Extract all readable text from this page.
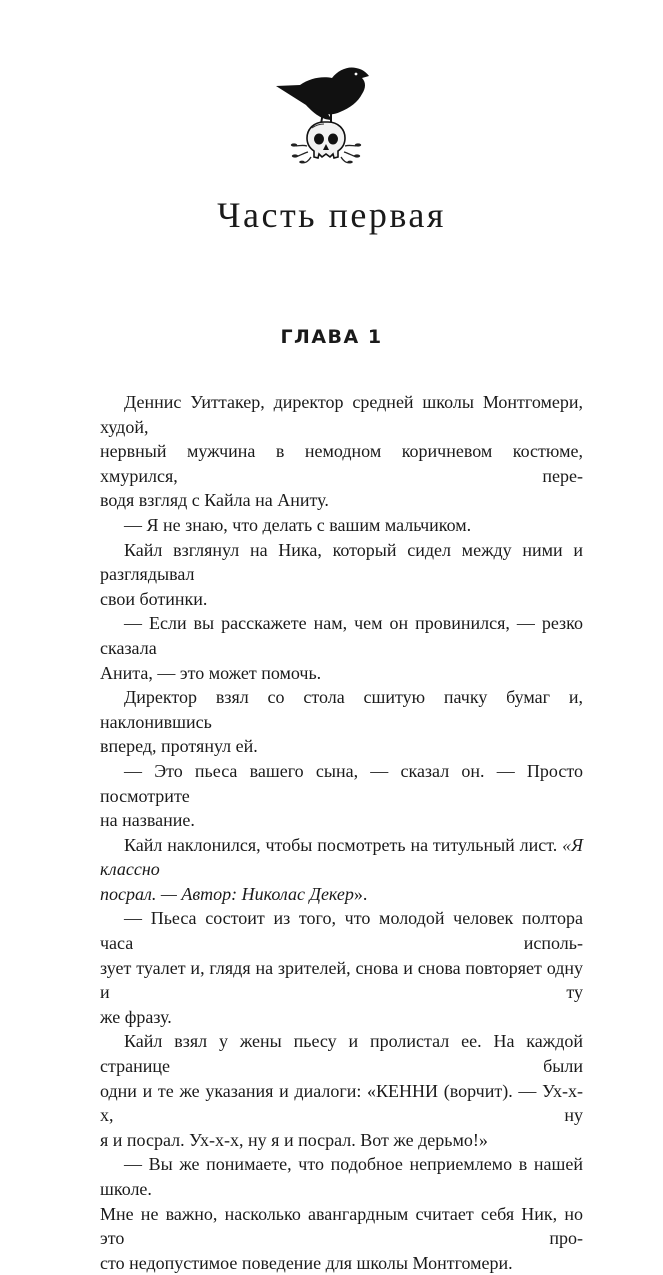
Часть первая
ГЛАВА 1
Деннис Уиттакер, директор средней школы Монтгомери, худой,
нервный мужчина в немодном коричневом костюме, хмурился, пере-
водя взгляд с Кайла на Аниту.
— Я не знаю, что делать с вашим мальчиком.
Кайл взглянул на Ника, который сидел между ними и разглядывал
свои ботинки.
— Если вы расскажете нам, чем он провинился, — резко сказала
Анита, — это может помочь.
Директор взял со стола сшитую пачку бумаг и, наклонившись
вперед, протянул ей.
— Это пьеса вашего сына, — сказал он. — Просто посмотрите
на название.
Кайл наклонился, чтобы посмотреть на титульный лист. «Я классно
посрал. — Автор: Николас Декер».
— Пьеса состоит из того, что молодой человек полтора часа исполь-
зует туалет и, глядя на зрителей, снова и снова повторяет одну и ту
же фразу.
Кайл взял у жены пьесу и пролистал ее. На каждой странице были
одни и те же указания и диалоги: «КЕННИ (ворчит). — Ух-х-х, ну
я и посрал. Ух-х-х, ну я и посрал. Вот же дерьмо!»
— Вы же понимаете, что подобное неприемлемо в нашей школе.
Мне не важно, насколько авангардным считает себя Ник, но это про-
сто недопустимое поведение для школы Монтгомери.
